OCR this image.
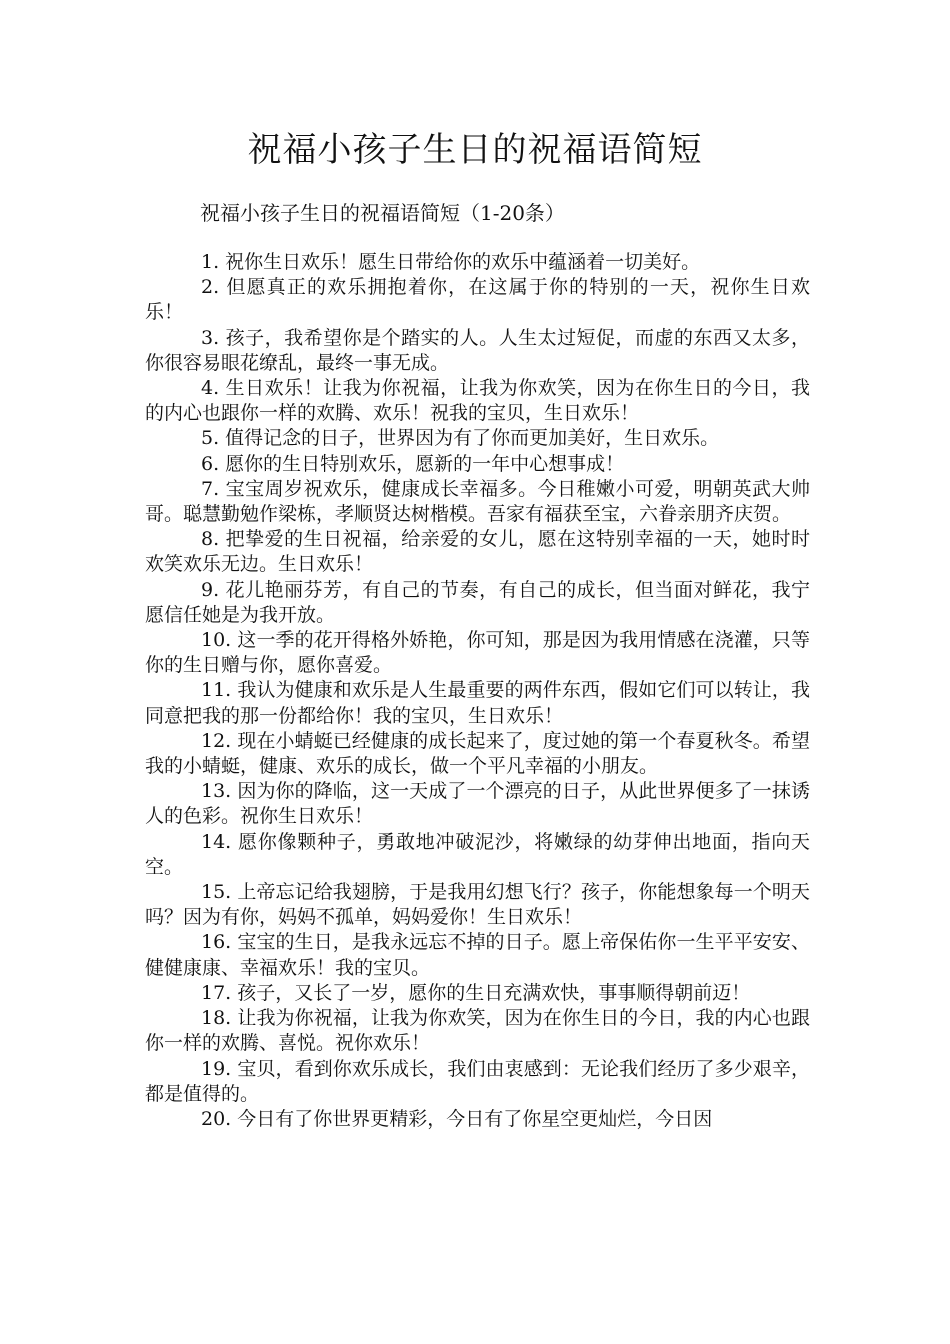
祝福小孩子生日的祝福语简短

祝福小孩子生日的祝福语简短（1-20条）

1. 祝你生日欢乐！愿生日带给你的欢乐中蕴涵着一切美好。

2. 但愿真正的欢乐拥抱着你，在这属于你的特别的一天，祝你生日欢乐！

3. 孩子，我希望你是个踏实的人。人生太过短促，而虚的东西又太多，你很容易眼花缭乱，最终一事无成。

4. 生日欢乐！让我为你祝福，让我为你欢笑，因为在你生日的今日，我的内心也跟你一样的欢腾、欢乐！祝我的宝贝，生日欢乐！

5. 值得记念的日子，世界因为有了你而更加美好，生日欢乐。

6. 愿你的生日特别欢乐，愿新的一年中心想事成！

7. 宝宝周岁祝欢乐，健康成长幸福多。今日稚嫩小可爱，明朝英武大帅哥。聪慧勤勉作梁栋，孝顺贤达树楷模。吾家有福获至宝，六眷亲朋齐庆贺。

8. 把挚爱的生日祝福，给亲爱的女儿，愿在这特别幸福的一天，她时时欢笑欢乐无边。生日欢乐！

9. 花儿艳丽芬芳，有自己的节奏，有自己的成长，但当面对鲜花，我宁愿信任她是为我开放。

10. 这一季的花开得格外娇艳，你可知，那是因为我用情感在浇灌，只等你的生日赠与你，愿你喜爱。

11. 我认为健康和欢乐是人生最重要的两件东西，假如它们可以转让，我同意把我的那一份都给你！我的宝贝，生日欢乐！

12. 现在小蜻蜓已经健康的成长起来了，度过她的第一个春夏秋冬。希望我的小蜻蜓，健康、欢乐的成长，做一个平凡幸福的小朋友。

13. 因为你的降临，这一天成了一个漂亮的日子，从此世界便多了一抹诱人的色彩。祝你生日欢乐！

14. 愿你像颗种子，勇敢地冲破泥沙，将嫩绿的幼芽伸出地面，指向天空。

15. 上帝忘记给我翅膀，于是我用幻想飞行？孩子，你能想象每一个明天吗？因为有你，妈妈不孤单，妈妈爱你！生日欢乐！

16. 宝宝的生日，是我永远忘不掉的日子。愿上帝保佑你一生平平安安、健健康康、幸福欢乐！我的宝贝。

17. 孩子，又长了一岁，愿你的生日充满欢快，事事顺得朝前迈！

18. 让我为你祝福，让我为你欢笑，因为在你生日的今日，我的内心也跟你一样的欢腾、喜悦。祝你欢乐！

19. 宝贝，看到你欢乐成长，我们由衷感到：无论我们经历了多少艰辛，都是值得的。

20. 今日有了你世界更精彩，今日有了你星空更灿烂，今日因
